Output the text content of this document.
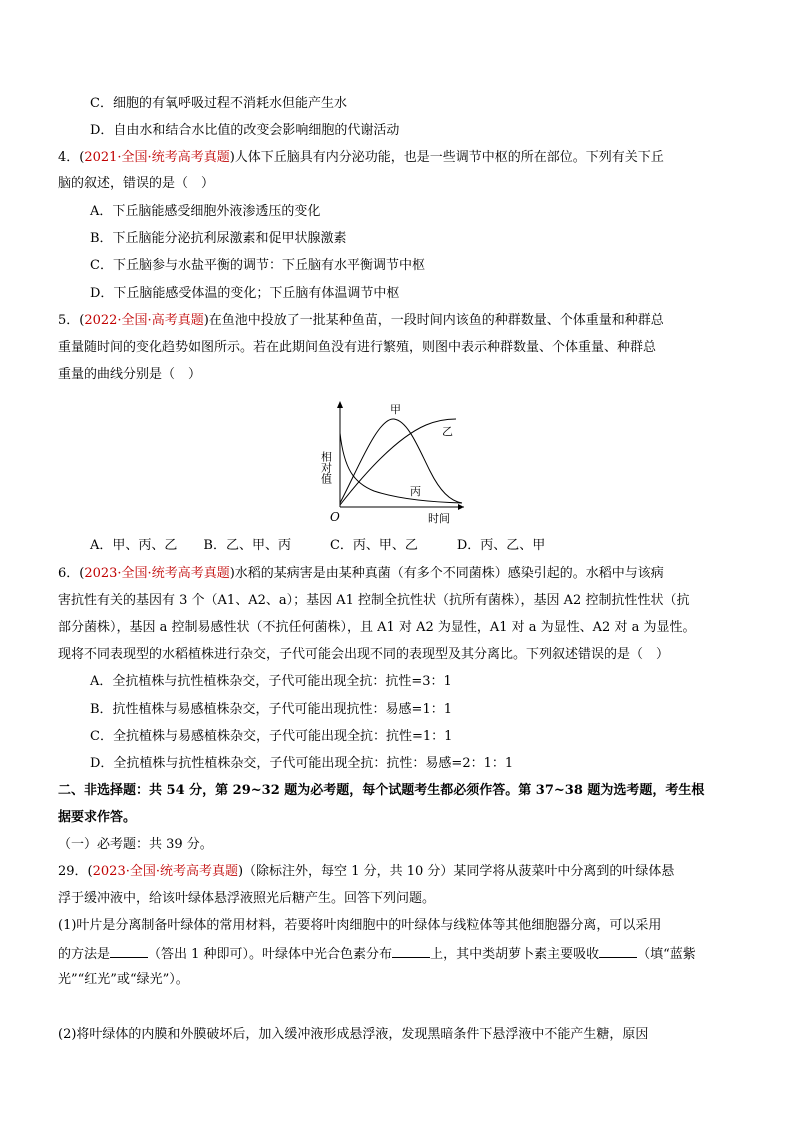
C．细胞的有氧呼吸过程不消耗水但能产生水
D．自由水和结合水比值的改变会影响细胞的代谢活动
4．(2021·全国·统考高考真题)人体下丘脑具有内分泌功能，也是一些调节中枢的所在部位。下列有关下丘
脑的叙述，错误的是（　）
A．下丘脑能感受细胞外液渗透压的变化
B．下丘脑能分泌抗利尿激素和促甲状腺激素
C．下丘脑参与水盐平衡的调节：下丘脑有水平衡调节中枢
D．下丘脑能感受体温的变化；下丘脑有体温调节中枢
5．(2022·全国·高考真题)在鱼池中投放了一批某种鱼苗，一段时间内该鱼的种群数量、个体重量和种群总
重量随时间的变化趋势如图所示。若在此期间鱼没有进行繁殖，则图中表示种群数量、个体重量、种群总
重量的曲线分别是（　）
相对值
时间
O
甲
乙
丙
A．甲、丙、乙　　B．乙、甲、丙　　　C．丙、甲、乙　　　D．丙、乙、甲
6．(2023·全国·统考高考真题)水稻的某病害是由某种真菌（有多个不同菌株）感染引起的。水稻中与该病
害抗性有关的基因有 3 个（A1、A2、a）；基因 A1 控制全抗性状（抗所有菌株），基因 A2 控制抗性性状（抗
部分菌株），基因 a 控制易感性状（不抗任何菌株），且 A1 对 A2 为显性，A1 对 a 为显性、A2 对 a 为显性。
现将不同表现型的水稻植株进行杂交，子代可能会出现不同的表现型及其分离比。下列叙述错误的是（　）
A．全抗植株与抗性植株杂交，子代可能出现全抗：抗性=3：1
B．抗性植株与易感植株杂交，子代可能出现抗性：易感=1：1
C．全抗植株与易感植株杂交，子代可能出现全抗：抗性=1：1
D．全抗植株与抗性植株杂交，子代可能出现全抗：抗性：易感=2：1：1
二、非选择题：共 54 分，第 29~32 题为必考题，每个试题考生都必须作答。第 37~38 题为选考题，考生根
据要求作答。
（一）必考题：共 39 分。
29．(2023·全国·统考高考真题)（除标注外，每空 1 分，共 10 分）某同学将从菠菜叶中分离到的叶绿体悬
浮于缓冲液中，给该叶绿体悬浮液照光后糖产生。回答下列问题。
(1)叶片是分离制备叶绿体的常用材料，若要将叶肉细胞中的叶绿体与线粒体等其他细胞器分离，可以采用
的方法是	（答出 1 种即可）。叶绿体中光合色素分布	上，其中类胡萝卜素主要吸收	（填“蓝紫
光”“红光”或“绿光”）。
(2)将叶绿体的内膜和外膜破坏后，加入缓冲液形成悬浮液，发现黑暗条件下悬浮液中不能产生糖，原因
